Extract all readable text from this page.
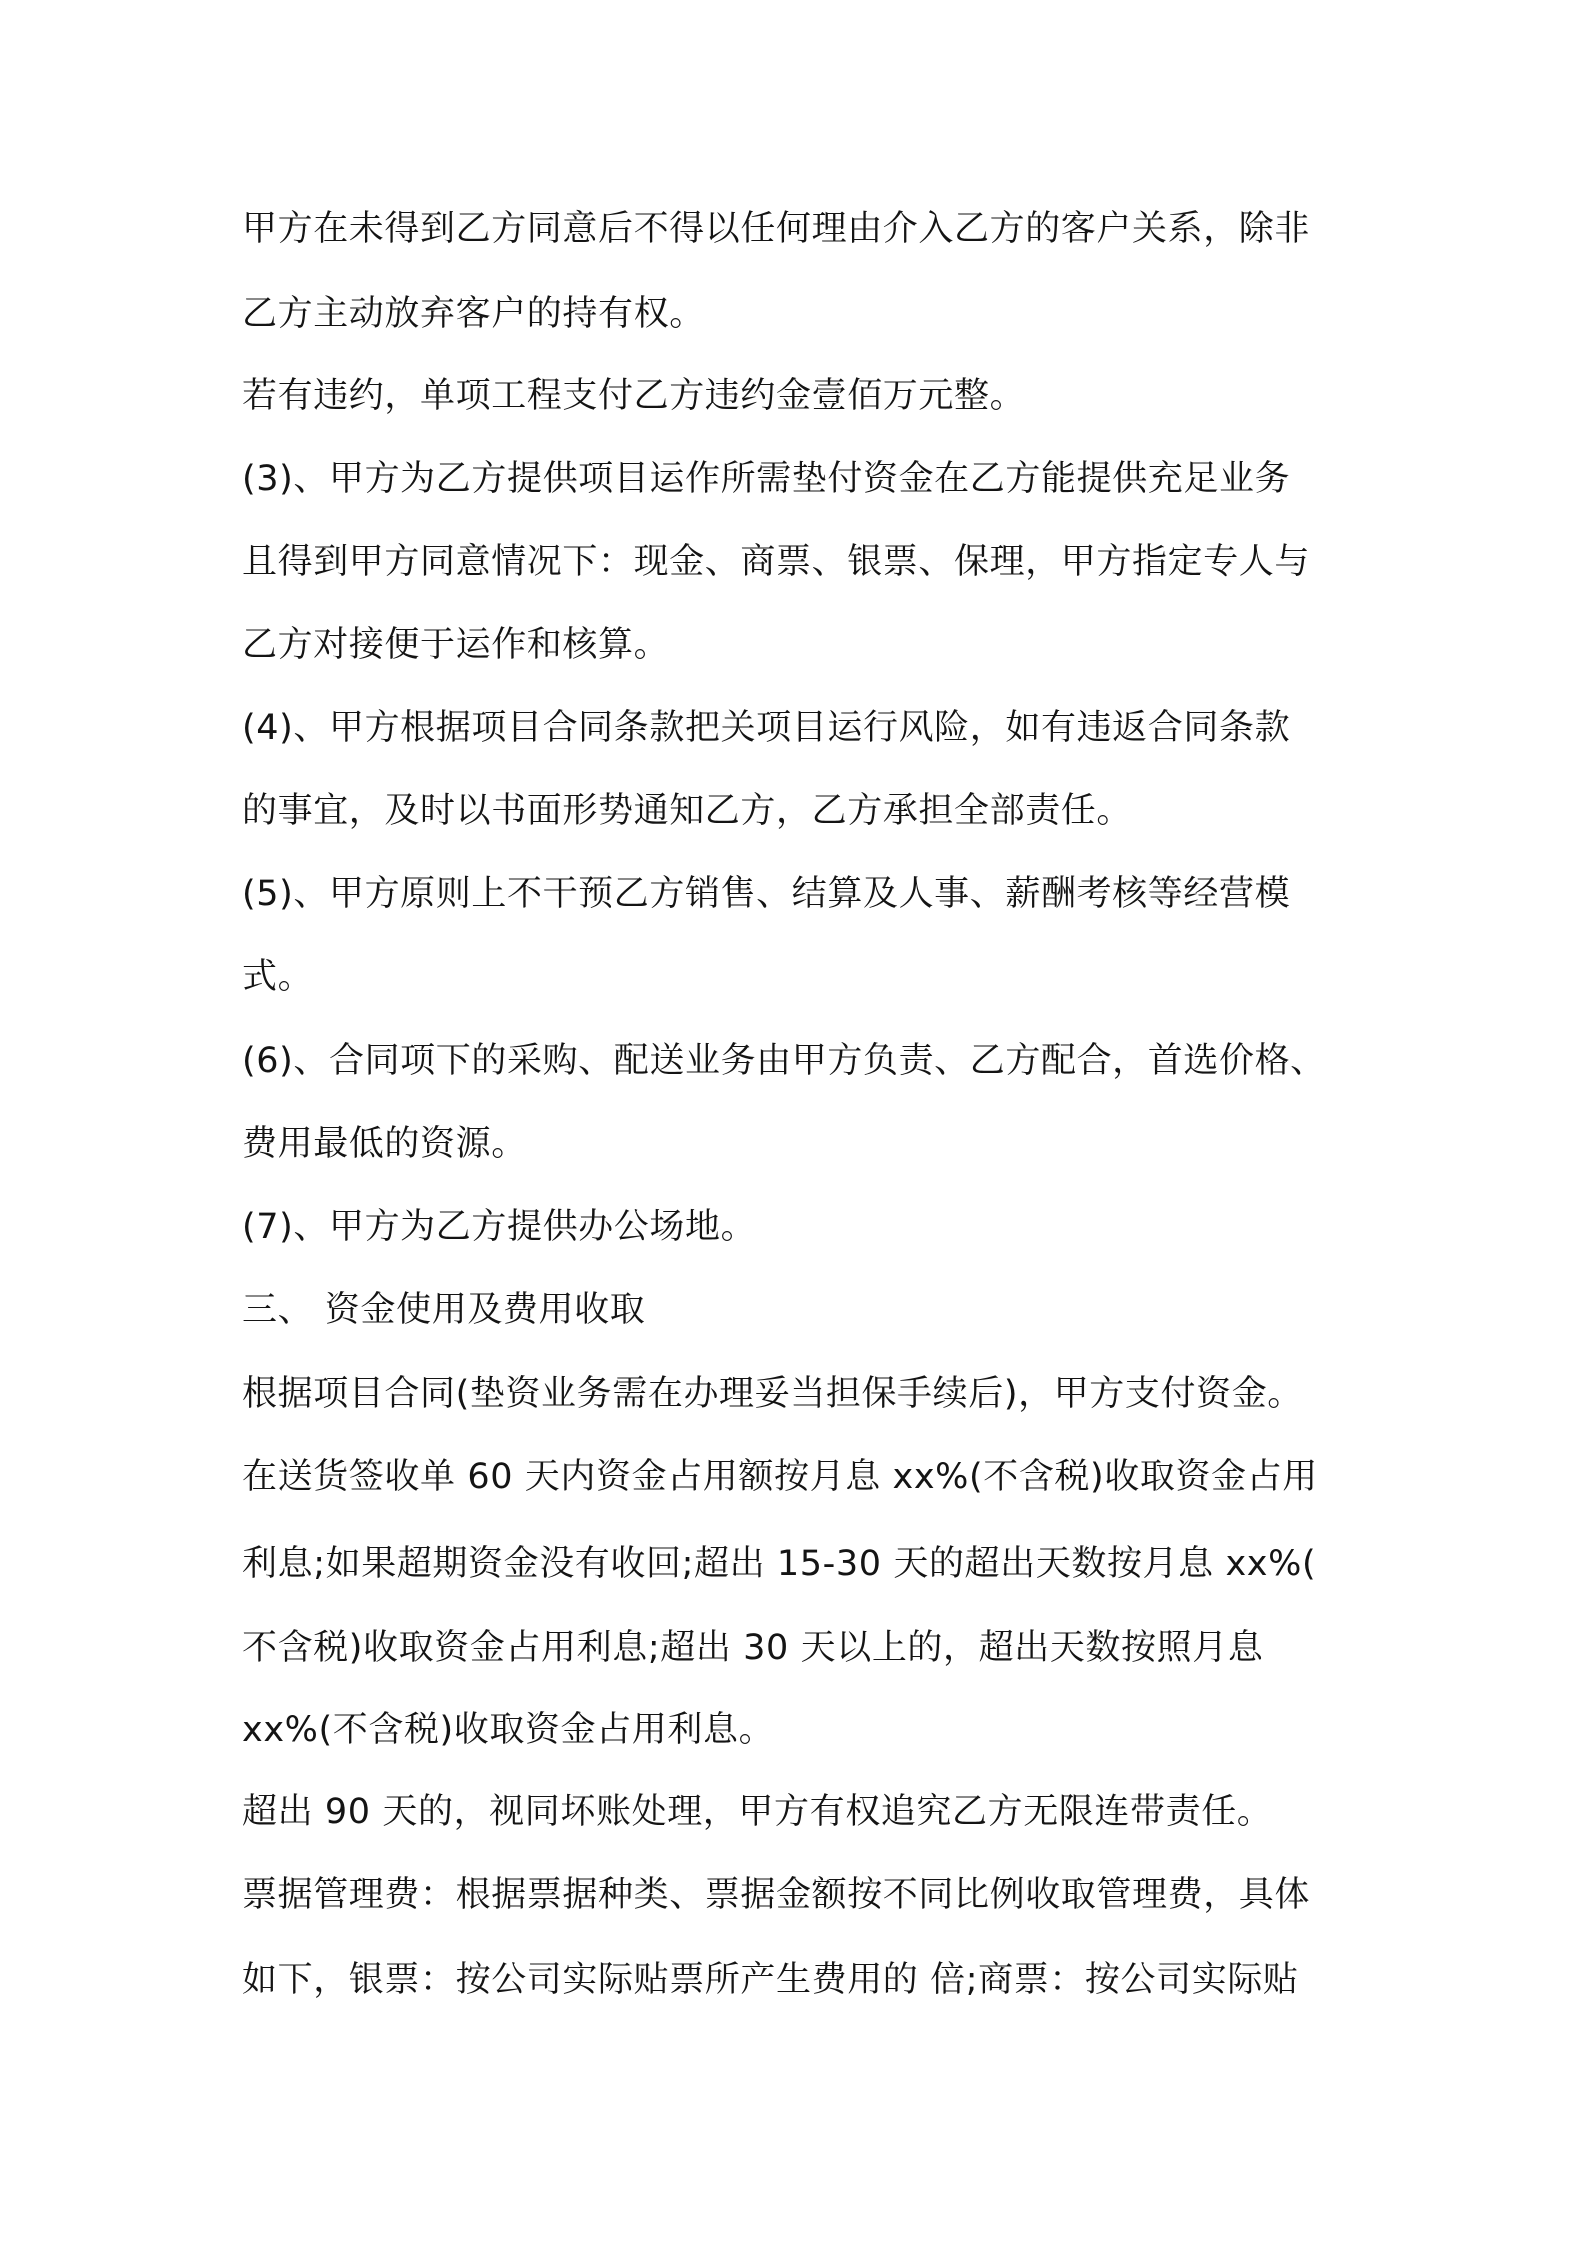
甲方在未得到乙方同意后不得以任何理由介入乙方的客户关系，除非

乙方主动放弃客户的持有权。

若有违约，单项工程支付乙方违约金壹佰万元整。

(3)、甲方为乙方提供项目运作所需垫付资金在乙方能提供充足业务

且得到甲方同意情况下：现金、商票、银票、保理，甲方指定专人与

乙方对接便于运作和核算。

(4)、甲方根据项目合同条款把关项目运行风险，如有违返合同条款

的事宜，及时以书面形势通知乙方，乙方承担全部责任。

(5)、甲方原则上不干预乙方销售、结算及人事、薪酬考核等经营模

式。

(6)、合同项下的采购、配送业务由甲方负责、乙方配合，首选价格、

费用最低的资源。

(7)、甲方为乙方提供办公场地。

三、 资金使用及费用收取

根据项目合同(垫资业务需在办理妥当担保手续后)，甲方支付资金。

在送货签收单 60 天内资金占用额按月息 xx%(不含税)收取资金占用

利息;如果超期资金没有收回;超出 15-30 天的超出天数按月息 xx%(

不含税)收取资金占用利息;超出 30 天以上的，超出天数按照月息

xx%(不含税)收取资金占用利息。

超出 90 天的，视同坏账处理，甲方有权追究乙方无限连带责任。

票据管理费：根据票据种类、票据金额按不同比例收取管理费，具体

如下，银票：按公司实际贴票所产生费用的 倍;商票：按公司实际贴
